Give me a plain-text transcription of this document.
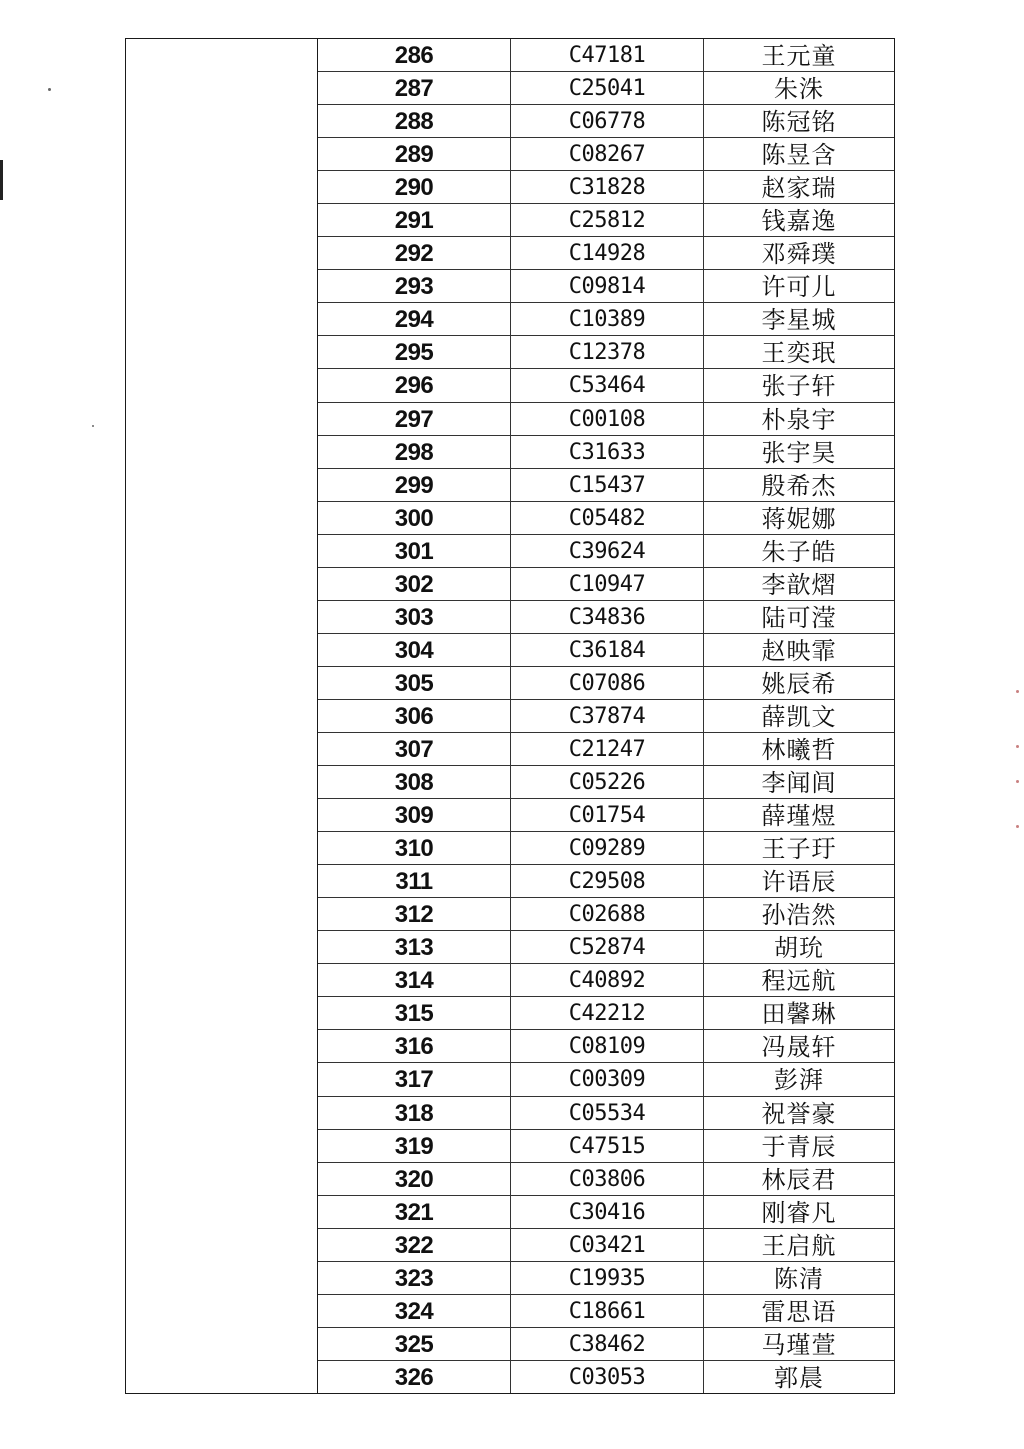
286	C47181	王元童
287	C25041	朱洙
288	C06778	陈冠铭
289	C08267	陈昱含
290	C31828	赵家瑞
291	C25812	钱嘉逸
292	C14928	邓舜璞
293	C09814	许可儿
294	C10389	李星城
295	C12378	王奕珉
296	C53464	张子轩
297	C00108	朴泉宇
298	C31633	张宇昊
299	C15437	殷希杰
300	C05482	蒋妮娜
301	C39624	朱子皓
302	C10947	李歆熠
303	C34836	陆可滢
304	C36184	赵映霏
305	C07086	姚辰希
306	C37874	薛凯文
307	C21247	林曦哲
308	C05226	李闻闾
309	C01754	薛瑾煜
310	C09289	王子玗
311	C29508	许语辰
312	C02688	孙浩然
313	C52874	胡玧
314	C40892	程远航
315	C42212	田馨琳
316	C08109	冯晟轩
317	C00309	彭湃
318	C05534	祝誉豪
319	C47515	于青辰
320	C03806	林辰君
321	C30416	刚睿凡
322	C03421	王启航
323	C19935	陈清
324	C18661	雷思语
325	C38462	马瑾萱
326	C03053	郭晨
